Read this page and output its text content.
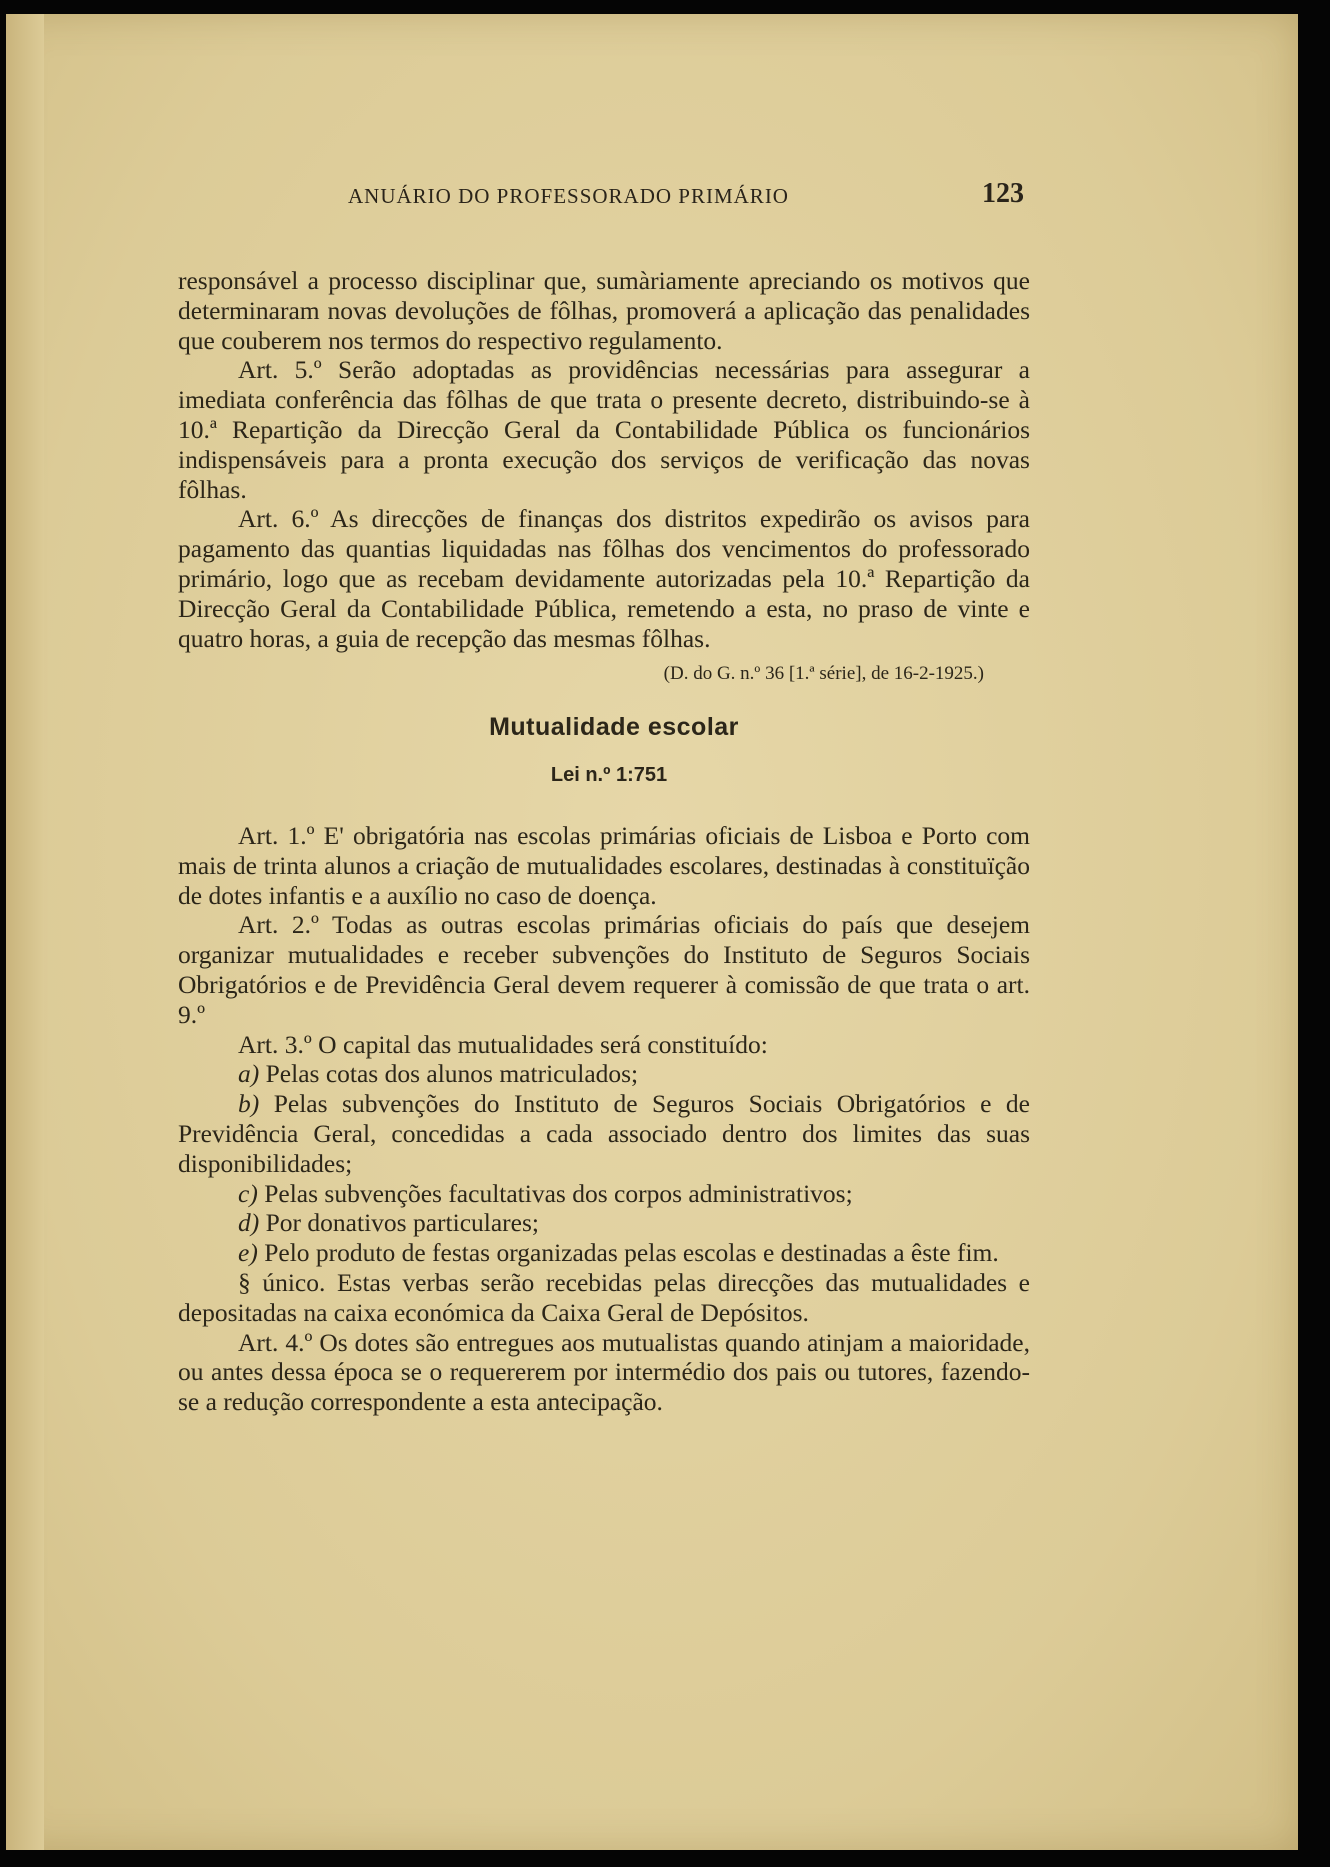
ANUÁRIO DO PROFESSORADO PRIMÁRIO	123

responsável a processo disciplinar que, sumàriamente apreciando os motivos que determinaram novas devoluções de fôlhas, promoverá a aplicação das penalidades que couberem nos termos do respectivo regulamento.

Art. 5.º Serão adoptadas as providências necessárias para assegurar a imediata conferência das fôlhas de que trata o presente decreto, distribuindo-se à 10.ª Repartição da Direcção Geral da Contabilidade Pública os funcionários indispensáveis para a pronta execução dos serviços de verificação das novas fôlhas.

Art. 6.º As direcções de finanças dos distritos expedirão os avisos para pagamento das quantias liquidadas nas fôlhas dos vencimentos do professorado primário, logo que as recebam devidamente autorizadas pela 10.ª Repartição da Direcção Geral da Contabilidade Pública, remetendo a esta, no praso de vinte e quatro horas, a guia de recepção das mesmas fôlhas.

(D. do G. n.º 36 [1.ª série], de 16-2-1925.)

Mutualidade escolar

Lei n.º 1:751

Art. 1.º E' obrigatória nas escolas primárias oficiais de Lisboa e Porto com mais de trinta alunos a criação de mutualidades escolares, destinadas à constituïção de dotes infantis e a auxílio no caso de doença.

Art. 2.º Todas as outras escolas primárias oficiais do país que desejem organizar mutualidades e receber subvenções do Instituto de Seguros Sociais Obrigatórios e de Previdência Geral devem requerer à comissão de que trata o art. 9.º

Art. 3.º O capital das mutualidades será constituído:

a) Pelas cotas dos alunos matriculados;

b) Pelas subvenções do Instituto de Seguros Sociais Obrigatórios e de Previdência Geral, concedidas a cada associado dentro dos limites das suas disponibilidades;

c) Pelas subvenções facultativas dos corpos administrativos;

d) Por donativos particulares;

e) Pelo produto de festas organizadas pelas escolas e destinadas a êste fim.

§ único. Estas verbas serão recebidas pelas direcções das mutualidades e depositadas na caixa económica da Caixa Geral de Depósitos.

Art. 4.º Os dotes são entregues aos mutualistas quando atinjam a maioridade, ou antes dessa época se o requererem por intermédio dos pais ou tutores, fazendo-se a redução correspondente a esta antecipação.
